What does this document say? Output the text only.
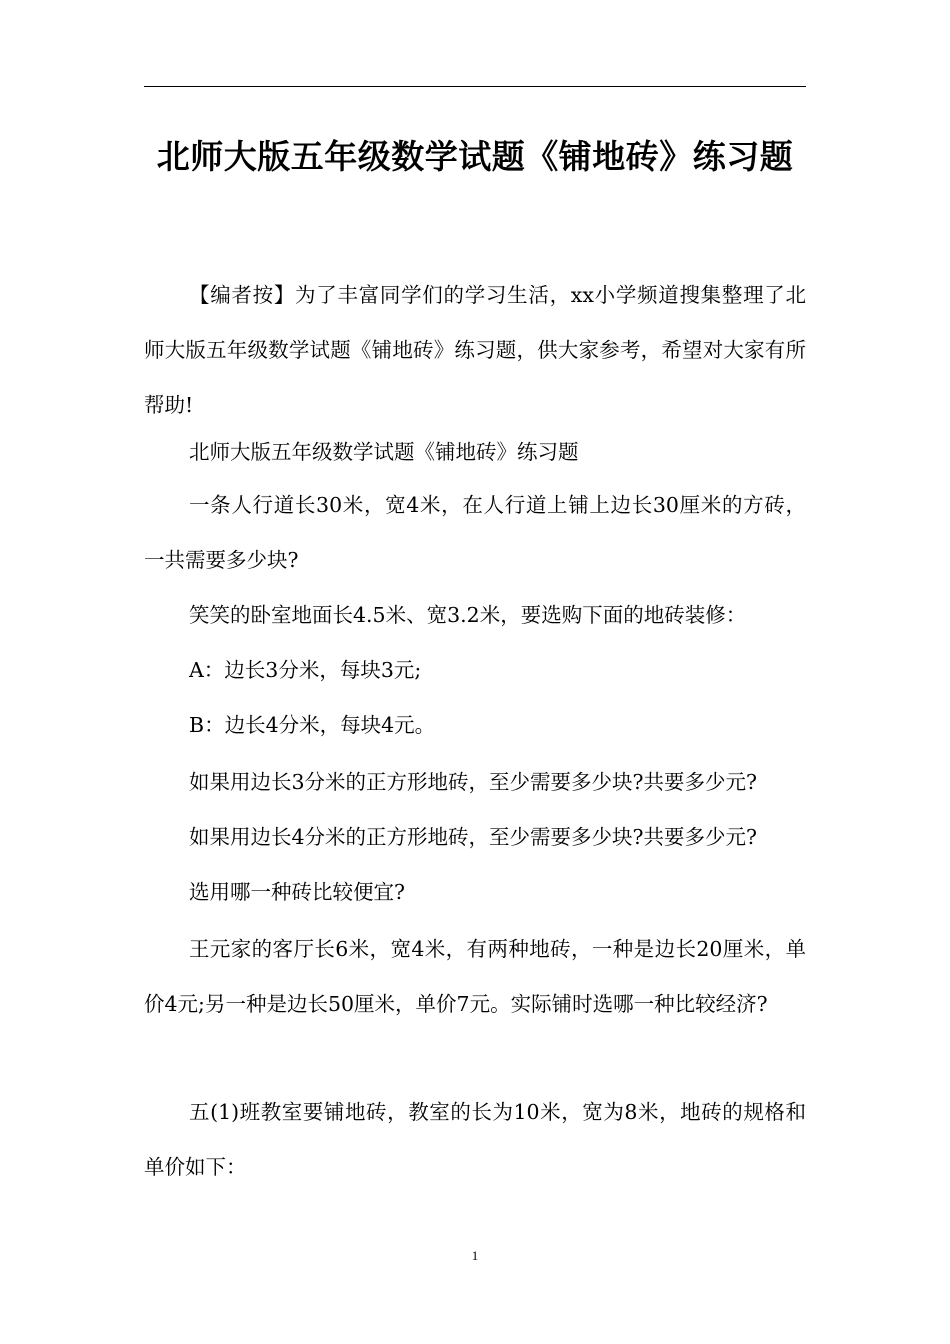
北师大版五年级数学试题《铺地砖》练习题
【编者按】为了丰富同学们的学习生活，xx小学频道搜集整理了北师大版五年级数学试题《铺地砖》练习题，供大家参考，希望对大家有所帮助!
北师大版五年级数学试题《铺地砖》练习题
一条人行道长30米，宽4米，在人行道上铺上边长30厘米的方砖，一共需要多少块?
笑笑的卧室地面长4.5米、宽3.2米，要选购下面的地砖装修：
A：边长3分米，每块3元;
B：边长4分米，每块4元。
如果用边长3分米的正方形地砖，至少需要多少块?共要多少元?
如果用边长4分米的正方形地砖，至少需要多少块?共要多少元?
选用哪一种砖比较便宜?
王元家的客厅长6米，宽4米，有两种地砖，一种是边长20厘米，单价4元;另一种是边长50厘米，单价7元。实际铺时选哪一种比较经济?
五(1)班教室要铺地砖，教室的长为10米，宽为8米，地砖的规格和单价如下：
1
